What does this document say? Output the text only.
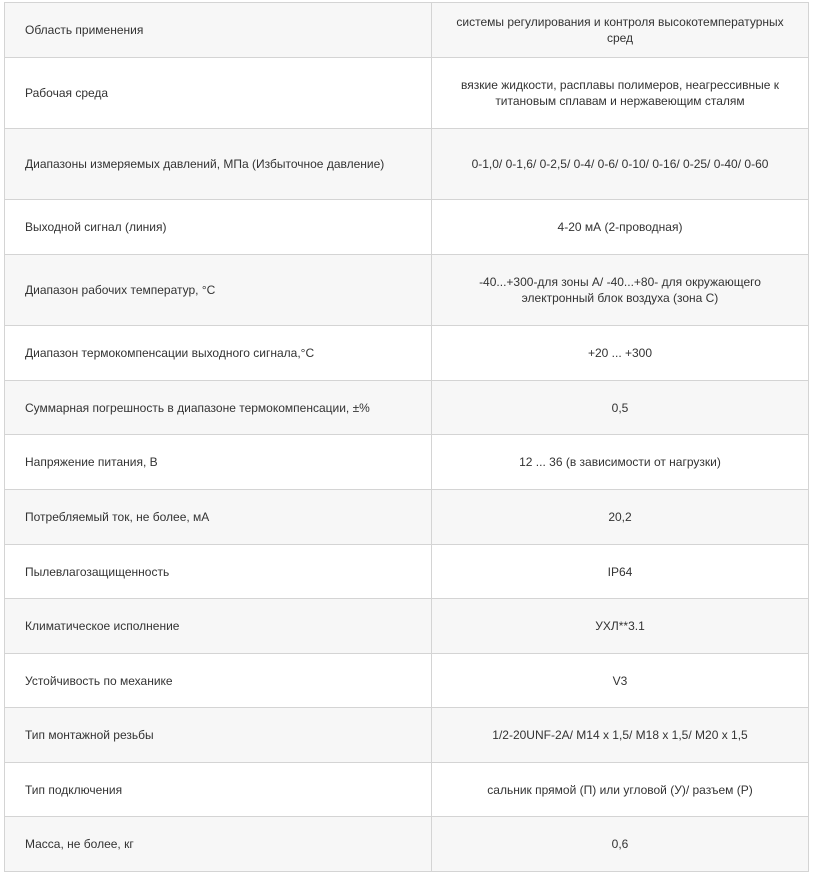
Область применения	системы регулирования и контроля высокотемпературных сред
Рабочая среда	вязкие жидкости, расплавы полимеров, неагрессивные к титановым сплавам и нержавеющим сталям
Диапазоны измеряемых давлений, МПа (Избыточное давление)	0-1,0/ 0-1,6/ 0-2,5/ 0-4/ 0-6/ 0-10/ 0-16/ 0-25/ 0-40/ 0-60
Выходной сигнал (линия)	4-20 мА (2-проводная)
Диапазон рабочих температур, °С	-40...+300-для зоны А/ -40...+80- для окружающего электронный блок воздуха (зона С)
Диапазон термокомпенсации выходного сигнала,°С	+20 ... +300
Суммарная погрешность в диапазоне термокомпенсации, ±%	0,5
Напряжение питания, В	12 ... 36 (в зависимости от нагрузки)
Потребляемый ток, не более, мА	20,2
Пылевлагозащищенность	IP64
Климатическое исполнение	УХЛ**3.1
Устойчивость по механике	V3
Тип монтажной резьбы	1/2-20UNF-2A/ M14 х 1,5/ M18 х 1,5/ M20 х 1,5
Тип подключения	сальник прямой (П) или угловой (У)/ разъем (Р)
Масса, не более, кг	0,6
